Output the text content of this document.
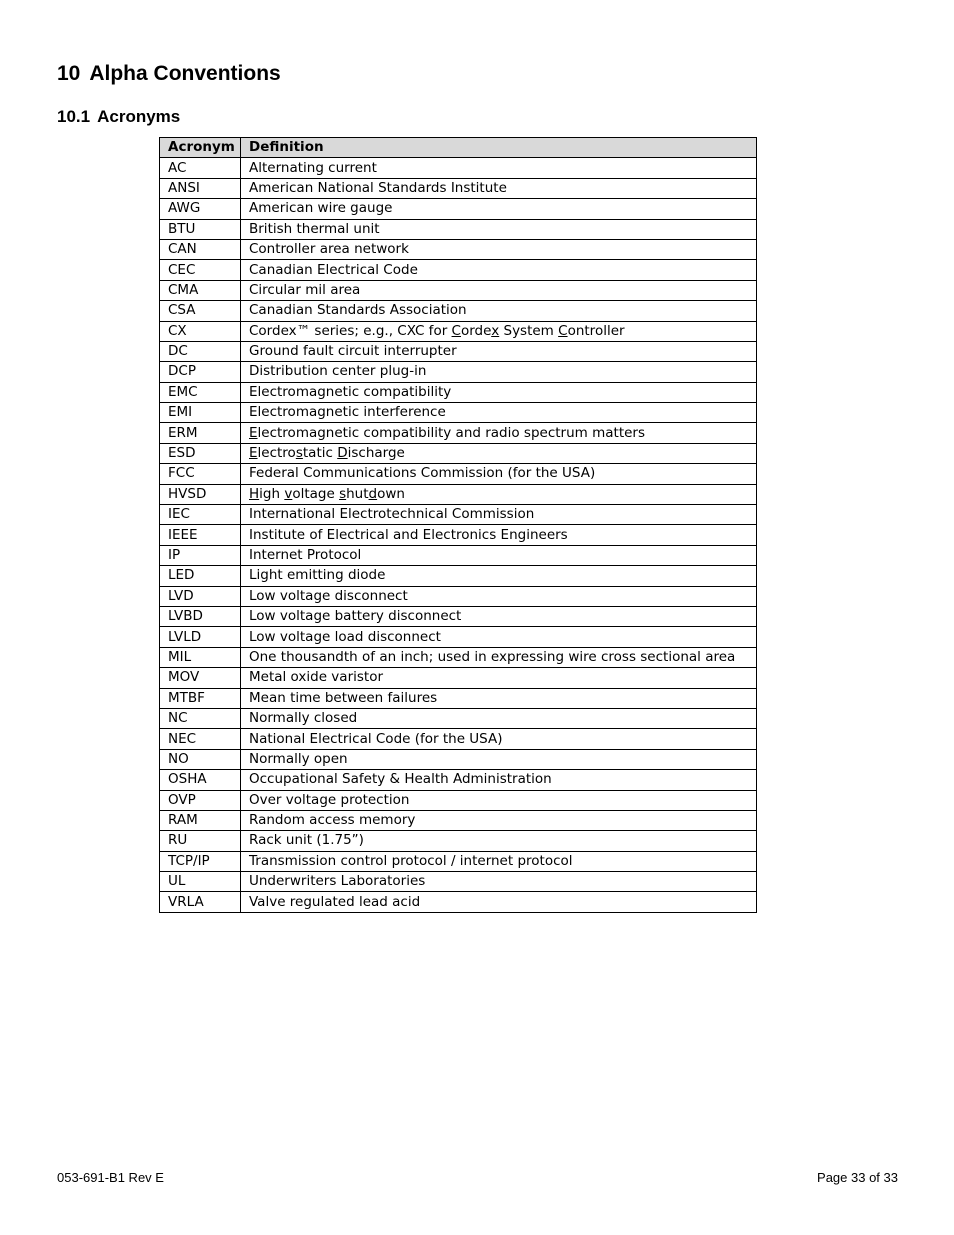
10 Alpha Conventions
10.1 Acronyms
Acronym	Definition
AC	Alternating current
ANSI	American National Standards Institute
AWG	American wire gauge
BTU	British thermal unit
CAN	Controller area network
CEC	Canadian Electrical Code
CMA	Circular mil area
CSA	Canadian Standards Association
CX	Cordex™ series; e.g., CXC for Cordex System Controller
DC	Ground fault circuit interrupter
DCP	Distribution center plug-in
EMC	Electromagnetic compatibility
EMI	Electromagnetic interference
ERM	Electromagnetic compatibility and radio spectrum matters
ESD	Electrostatic Discharge
FCC	Federal Communications Commission (for the USA)
HVSD	High voltage shutdown
IEC	International Electrotechnical Commission
IEEE	Institute of Electrical and Electronics Engineers
IP	Internet Protocol
LED	Light emitting diode
LVD	Low voltage disconnect
LVBD	Low voltage battery disconnect
LVLD	Low voltage load disconnect
MIL	One thousandth of an inch; used in expressing wire cross sectional area
MOV	Metal oxide varistor
MTBF	Mean time between failures
NC	Normally closed
NEC	National Electrical Code (for the USA)
NO	Normally open
OSHA	Occupational Safety & Health Administration
OVP	Over voltage protection
RAM	Random access memory
RU	Rack unit (1.75”)
TCP/IP	Transmission control protocol / internet protocol
UL	Underwriters Laboratories
VRLA	Valve regulated lead acid
053-691-B1 Rev E	Page 33 of 33
